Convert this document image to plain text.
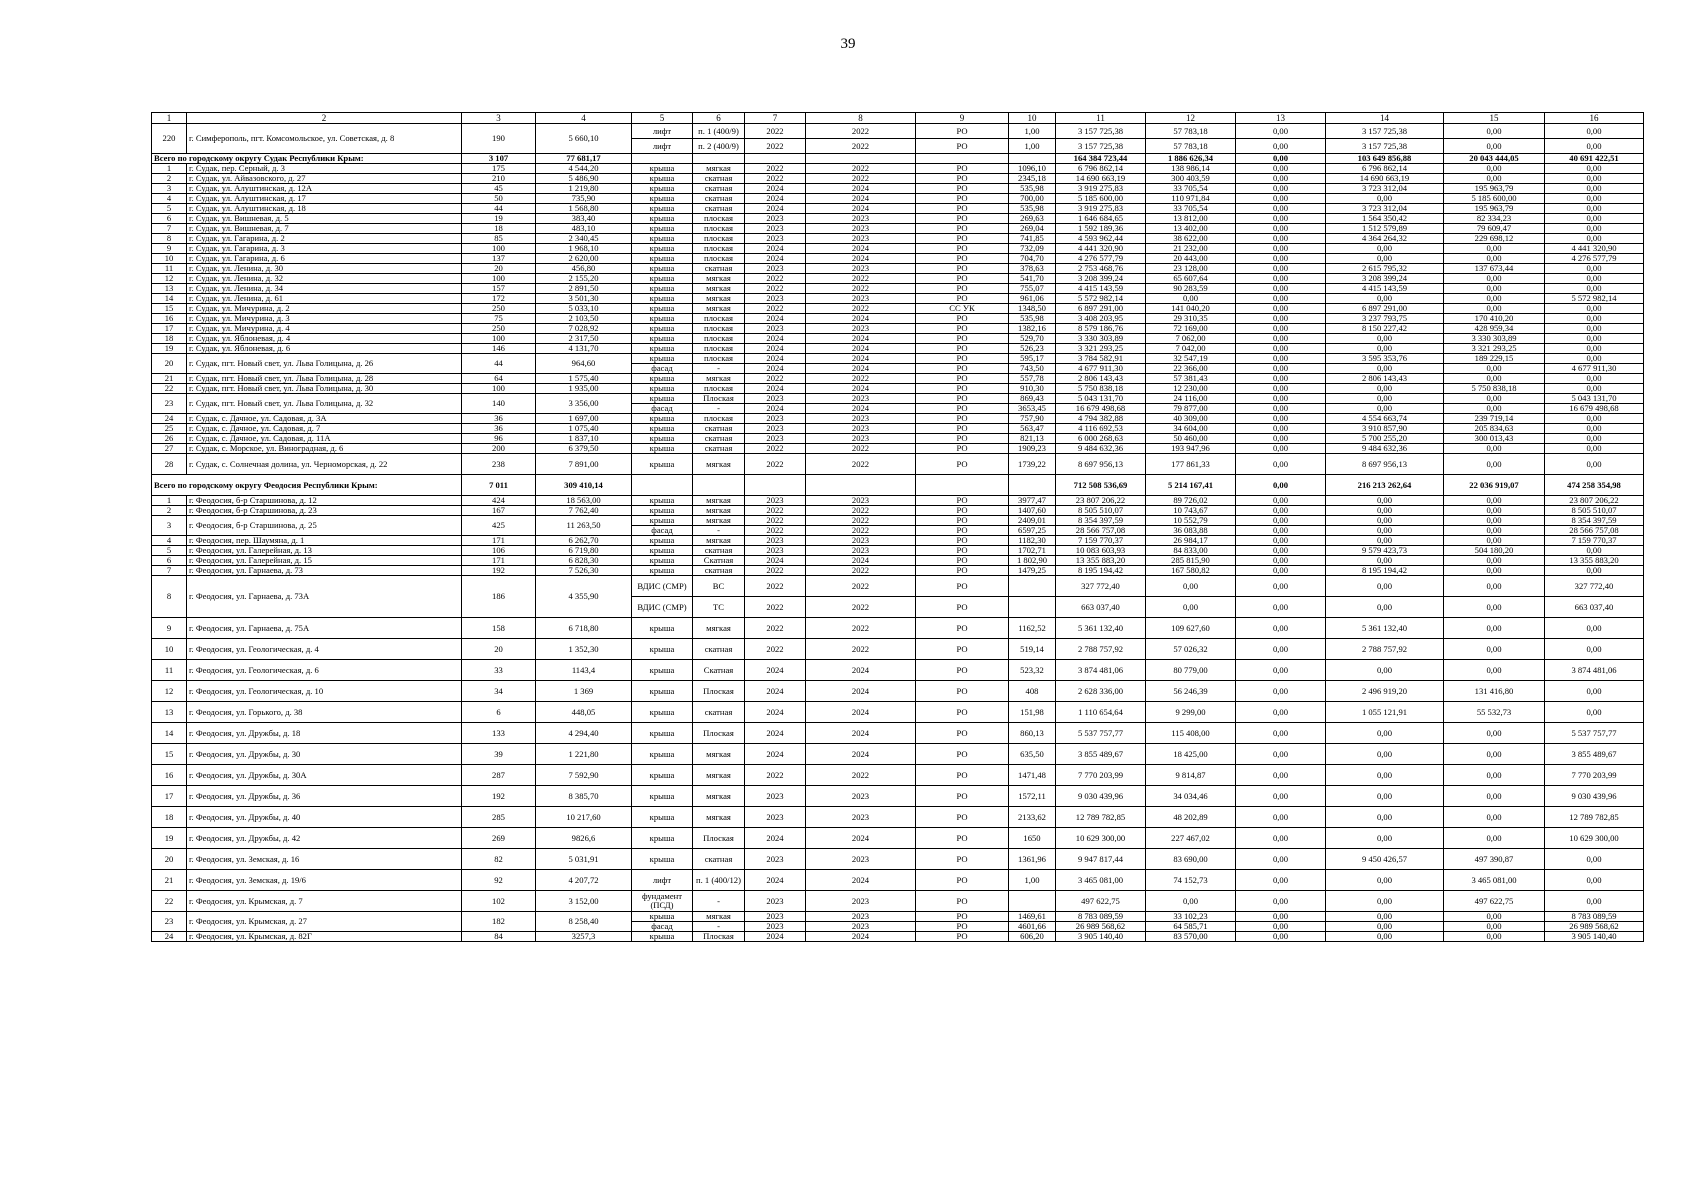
39
1	2	3	4	5	6	7	8	9	10	11	12	13	14	15	16
220	г. Симферополь, пгт. Комсомольское, ул. Советская, д. 8	190	5 660,10	лифт	п. 1 (400/9)	2022	2022	РО	1,00	3 157 725,38	57 783,18	0,00	3 157 725,38	0,00	0,00
				лифт	п. 2 (400/9)	2022	2022	РО	1,00	3 157 725,38	57 783,18	0,00	3 157 725,38	0,00	0,00
Всего по городскому округу Судак Республики Крым:		3 107	77 681,17							164 384 723,44	1 886 626,34	0,00	103 649 856,88	20 043 444,05	40 691 422,51
1	г. Судак, пер. Серный, д. 3	175	4 544,20	крыша	мягкая	2022	2022	РО	1096,10	6 796 862,14	138 986,14	0,00	6 796 862,14	0,00	0,00
2	г. Судак, ул. Айвазовского, д. 27	210	5 486,90	крыша	скатная	2022	2022	РО	2345,18	14 690 663,19	300 403,59	0,00	14 690 663,19	0,00	0,00
3	г. Судак, ул. Алуштинская, д. 12А	45	1 219,80	крыша	скатная	2024	2024	РО	535,98	3 919 275,83	33 705,54	0,00	3 723 312,04	195 963,79	0,00
4	г. Судак, ул. Алуштинская, д. 17	50	735,90	крыша	скатная	2024	2024	РО	700,00	5 185 600,00	110 971,84	0,00	0,00	5 185 600,00	0,00
5	г. Судак, ул. Алуштинская, д. 18	44	1 568,80	крыша	скатная	2024	2024	РО	535,98	3 919 275,83	33 705,54	0,00	3 723 312,04	195 963,79	0,00
6	г. Судак, ул. Вишневая, д. 5	19	383,40	крыша	плоская	2023	2023	РО	269,63	1 646 684,65	13 812,00	0,00	1 564 350,42	82 334,23	0,00
7	г. Судак, ул. Вишневая, д. 7	18	483,10	крыша	плоская	2023	2023	РО	269,04	1 592 189,36	13 402,00	0,00	1 512 579,89	79 609,47	0,00
8	г. Судак, ул. Гагарина, д. 2	85	2 340,45	крыша	плоская	2023	2023	РО	741,85	4 593 962,44	38 622,00	0,00	4 364 264,32	229 698,12	0,00
9	г. Судак, ул. Гагарина, д. 3	100	1 968,10	крыша	плоская	2024	2024	РО	732,09	4 441 320,90	21 232,00	0,00	0,00	0,00	4 441 320,90
10	г. Судак, ул. Гагарина, д. 6	137	2 620,00	крыша	плоская	2024	2024	РО	704,70	4 276 577,79	20 443,00	0,00	0,00	0,00	4 276 577,79
11	г. Судак, ул. Ленина, д. 30	20	456,80	крыша	скатная	2023	2023	РО	378,63	2 753 468,76	23 128,00	0,00	2 615 795,32	137 673,44	0,00
12	г. Судак, ул. Ленина, д. 32	100	2 155,20	крыша	мягкая	2022	2022	РО	541,70	3 208 399,24	65 607,64	0,00	3 208 399,24	0,00	0,00
13	г. Судак, ул. Ленина, д. 34	157	2 891,50	крыша	мягкая	2022	2022	РО	755,07	4 415 143,59	90 283,59	0,00	4 415 143,59	0,00	0,00
14	г. Судак, ул. Ленина, д. 61	172	3 501,30	крыша	мягкая	2023	2023	РО	961,06	5 572 982,14	0,00	0,00	0,00	0,00	5 572 982,14
15	г. Судак, ул. Мичурина, д. 2	250	5 033,10	крыша	мягкая	2022	2022	СС УК	1348,50	6 897 291,00	141 040,20	0,00	6 897 291,00	0,00	0,00
16	г. Судак, ул. Мичурина, д. 3	75	2 103,50	крыша	плоская	2024	2024	РО	535,98	3 408 203,95	29 310,35	0,00	3 237 793,75	170 410,20	0,00
17	г. Судак, ул. Мичурина, д. 4	250	7 028,92	крыша	плоская	2023	2023	РО	1382,16	8 579 186,76	72 169,00	0,00	8 150 227,42	428 959,34	0,00
18	г. Судак, ул. Яблоневая, д. 4	100	2 317,50	крыша	плоская	2024	2024	РО	529,70	3 330 303,89	7 062,00	0,00	0,00	3 330 303,89	0,00
19	г. Судак, ул. Яблоневая, д. 6	146	4 131,70	крыша	плоская	2024	2024	РО	526,23	3 321 293,25	7 042,00	0,00	0,00	3 321 293,25	0,00
20	г. Судак, пгт. Новый свет, ул. Льва Голицына, д. 26	44	964,60	крыша	плоская	2024	2024	РО	595,17	3 784 582,91	32 547,19	0,00	3 595 353,76	189 229,15	0,00
				фасад	-	2024	2024	РО	743,50	4 677 911,30	22 366,00	0,00	0,00	0,00	4 677 911,30
21	г. Судак, пгт. Новый свет, ул. Льва Голицына, д. 28	64	1 575,40	крыша	мягкая	2022	2022	РО	557,78	2 806 143,43	57 381,43	0,00	2 806 143,43	0,00	0,00
22	г. Судак, пгт. Новый свет, ул. Льва Голицына, д. 30	100	1 935,00	крыша	плоская	2024	2024	РО	910,30	5 750 838,18	12 230,00	0,00	0,00	5 750 838,18	0,00
23	г. Судак, пгт. Новый свет, ул. Льва Голицына, д. 32	140	3 356,00	крыша	Плоская	2023	2023	РО	869,43	5 043 131,70	24 116,00	0,00	0,00	0,00	5 043 131,70
				фасад	-	2024	2024	РО	3653,45	16 679 498,68	79 877,00	0,00	0,00	0,00	16 679 498,68
24	г. Судак, с. Дачное, ул. Садовая, д. 3А	36	1 697,00	крыша	плоская	2023	2023	РО	757,90	4 794 382,88	40 309,00	0,00	4 554 663,74	239 719,14	0,00
25	г. Судак, с. Дачное, ул. Садовая, д. 7	36	1 075,40	крыша	скатная	2023	2023	РО	563,47	4 116 692,53	34 604,00	0,00	3 910 857,90	205 834,63	0,00
26	г. Судак, с. Дачное, ул. Садовая, д. 11А	96	1 837,10	крыша	скатная	2023	2023	РО	821,13	6 000 268,63	50 460,00	0,00	5 700 255,20	300 013,43	0,00
27	г. Судак, с. Морское, ул. Виноградная, д. 6	200	6 379,50	крыша	скатная	2022	2022	РО	1909,23	9 484 632,36	193 947,96	0,00	9 484 632,36	0,00	0,00
28	г. Судак, с. Солнечная долина, ул. Черноморская, д. 22	238	7 891,00	крыша	мягкая	2022	2022	РО	1739,22	8 697 956,13	177 861,33	0,00	8 697 956,13	0,00	0,00
Всего по городскому округу Феодосия Республики Крым:		7 011	309 410,14							712 508 536,69	5 214 167,41	0,00	216 213 262,64	22 036 919,07	474 258 354,98
1	г. Феодосия, б-р Старшинова, д. 12	424	18 563,00	крыша	мягкая	2023	2023	РО	3977,47	23 807 206,22	89 726,02	0,00	0,00	0,00	23 807 206,22
2	г. Феодосия, б-р Старшинова, д. 23	167	7 762,40	крыша	мягкая	2022	2022	РО	1407,60	8 505 510,07	10 743,67	0,00	0,00	0,00	8 505 510,07
3	г. Феодосия, б-р Старшинова, д. 25	425	11 263,50	крыша	мягкая	2022	2022	РО	2409,01	8 354 397,59	10 552,79	0,00	0,00	0,00	8 354 397,59
				фасад	-	2022	2022	РО	6597,25	28 566 757,08	36 083,88	0,00	0,00	0,00	28 566 757,08
4	г. Феодосия, пер. Шаумяна, д. 1	171	6 262,70	крыша	мягкая	2023	2023	РО	1182,30	7 159 770,37	26 984,17	0,00	0,00	0,00	7 159 770,37
5	г. Феодосия, ул. Галерейная, д. 13	106	6 719,80	крыша	скатная	2023	2023	РО	1702,71	10 083 603,93	84 833,00	0,00	9 579 423,73	504 180,20	0,00
6	г. Феодосия, ул. Галерейная, д. 15	171	6 828,30	крыша	Скатная	2024	2024	РО	1 802,90	13 355 883,20	285 815,90	0,00	0,00	0,00	13 355 883,20
7	г. Феодосия, ул. Гарнаева, д. 73	192	7 526,30	крыша	скатная	2022	2022	РО	1479,25	8 195 194,42	167 580,82	0,00	8 195 194,42	0,00	0,00
8	г. Феодосия, ул. Гарнаева, д. 73А	186	4 355,90	ВДИС (СМР)	ВС	2022	2022	РО		327 772,40	0,00	0,00	0,00	0,00	327 772,40
				ВДИС (СМР)	ТС	2022	2022	РО		663 037,40	0,00	0,00	0,00	0,00	663 037,40
9	г. Феодосия, ул. Гарнаева, д. 75А	158	6 718,80	крыша	мягкая	2022	2022	РО	1162,52	5 361 132,40	109 627,60	0,00	5 361 132,40	0,00	0,00
10	г. Феодосия, ул. Геологическая, д. 4	20	1 352,30	крыша	скатная	2022	2022	РО	519,14	2 788 757,92	57 026,32	0,00	2 788 757,92	0,00	0,00
11	г. Феодосия, ул. Геологическая, д. 6	33	1143,4	крыша	Скатная	2024	2024	РО	523,32	3 874 481,06	80 779,00	0,00	0,00	0,00	3 874 481,06
12	г. Феодосия, ул. Геологическая, д. 10	34	1 369	крыша	Плоская	2024	2024	РО	408	2 628 336,00	56 246,39	0,00	2 496 919,20	131 416,80	0,00
13	г. Феодосия, ул. Горького, д. 38	6	448,05	крыша	скатная	2024	2024	РО	151,98	1 110 654,64	9 299,00	0,00	1 055 121,91	55 532,73	0,00
14	г. Феодосия, ул. Дружбы, д. 18	133	4 294,40	крыша	Плоская	2024	2024	РО	860,13	5 537 757,77	115 408,00	0,00	0,00	0,00	5 537 757,77
15	г. Феодосия, ул. Дружбы, д. 30	39	1 221,80	крыша	мягкая	2024	2024	РО	635,50	3 855 489,67	18 425,00	0,00	0,00	0,00	3 855 489,67
16	г. Феодосия, ул. Дружбы, д. 30А	287	7 592,90	крыша	мягкая	2022	2022	РО	1471,48	7 770 203,99	9 814,87	0,00	0,00	0,00	7 770 203,99
17	г. Феодосия, ул. Дружбы, д. 36	192	8 385,70	крыша	мягкая	2023	2023	РО	1572,11	9 030 439,96	34 034,46	0,00	0,00	0,00	9 030 439,96
18	г. Феодосия, ул. Дружбы, д. 40	285	10 217,60	крыша	мягкая	2023	2023	РО	2133,62	12 789 782,85	48 202,89	0,00	0,00	0,00	12 789 782,85
19	г. Феодосия, ул. Дружбы, д. 42	269	9826,6	крыша	Плоская	2024	2024	РО	1650	10 629 300,00	227 467,02	0,00	0,00	0,00	10 629 300,00
20	г. Феодосия, ул. Земская, д. 16	82	5 031,91	крыша	скатная	2023	2023	РО	1361,96	9 947 817,44	83 690,00	0,00	9 450 426,57	497 390,87	0,00
21	г. Феодосия, ул. Земская, д. 19/6	92	4 207,72	лифт	п. 1 (400/12)	2024	2024	РО	1,00	3 465 081,00	74 152,73	0,00	0,00	3 465 081,00	0,00
22	г. Феодосия, ул. Крымская, д. 7	102	3 152,00	фундамент (ПСД)	-	2023	2023	РО		497 622,75	0,00	0,00	0,00	497 622,75	0,00
23	г. Феодосия, ул. Крымская, д. 27	182	8 258,40	крыша	мягкая	2023	2023	РО	1469,61	8 783 089,59	33 102,23	0,00	0,00	0,00	8 783 089,59
				фасад	-	2023	2023	РО	4601,66	26 989 568,62	64 585,71	0,00	0,00	0,00	26 989 568,62
24	г. Феодосия, ул. Крымская, д. 82Г	84	3257,3	крыша	Плоская	2024	2024	РО	606,20	3 905 140,40	83 570,00	0,00	0,00	0,00	3 905 140,40
